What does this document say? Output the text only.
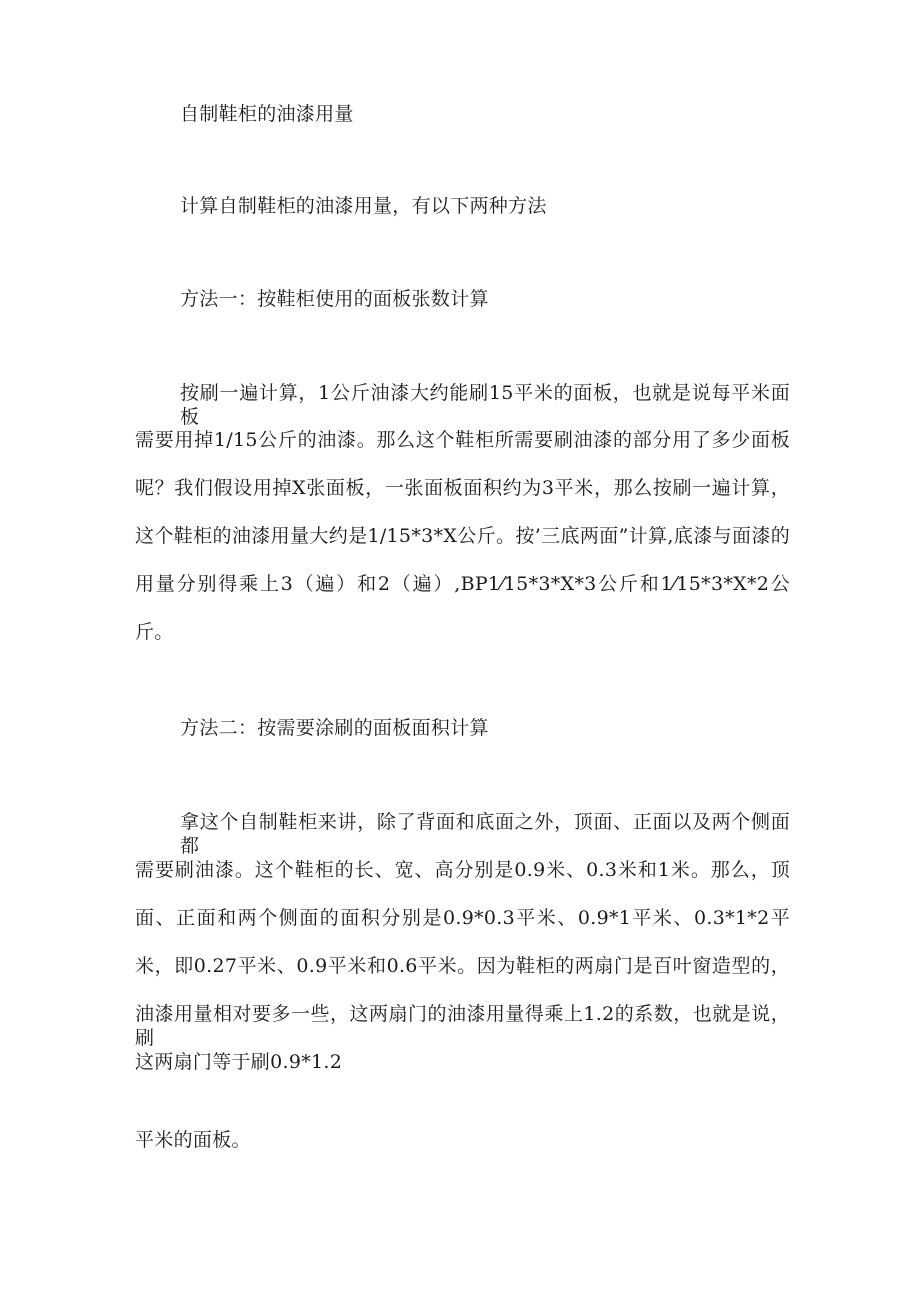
自制鞋柜的油漆用量
计算自制鞋柜的油漆用量，有以下两种方法
方法一：按鞋柜使用的面板张数计算
按刷一遍计算，1公斤油漆大约能刷15平米的面板，也就是说每平米面板
需要用掉1/15公斤的油漆。那么这个鞋柜所需要刷油漆的部分用了多少面板
呢？我们假设用掉X张面板，一张面板面积约为3平米，那么按刷一遍计算，
这个鞋柜的油漆用量大约是1/15*3*X公斤。按’三底两面”计算,底漆与面漆的
用量分别得乘上3（遍）和2（遍）,BP1⁄15*3*X*3公斤和1⁄15*3*X*2公
斤。
方法二：按需要涂刷的面板面积计算
拿这个自制鞋柜来讲，除了背面和底面之外，顶面、正面以及两个侧面都
需要刷油漆。这个鞋柜的长、宽、高分别是0.9米、0.3米和1米。那么，顶
面、正面和两个侧面的面积分别是0.9*0.3平米、0.9*1平米、0.3*1*2平
米，即0.27平米、0.9平米和0.6平米。因为鞋柜的两扇门是百叶窗造型的，
油漆用量相对要多一些，这两扇门的油漆用量得乘上1.2的系数，也就是说，刷
这两扇门等于刷0.9*1.2
平米的面板。
